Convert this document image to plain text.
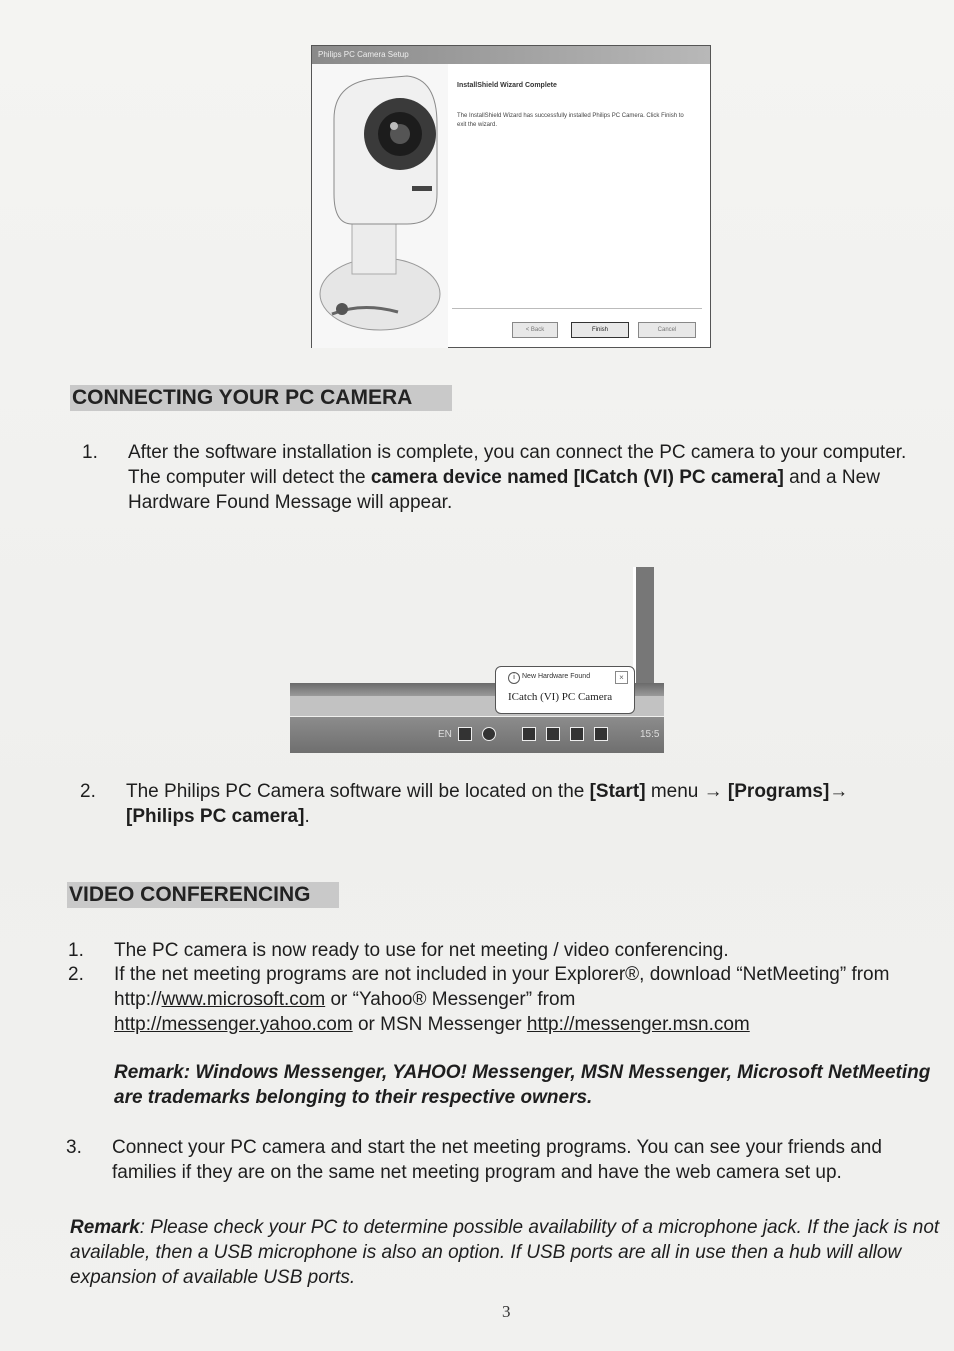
Philips PC Camera Setup
InstallShield Wizard Complete
The InstallShield Wizard has successfully installed Philips PC Camera. Click Finish to exit the wizard.
< Back	Finish	Cancel
CONNECTING YOUR PC CAMERA
1. After the software installation is complete, you can connect the PC camera to your computer. The computer will detect the camera device named [ICatch (VI) PC camera] and a New Hardware Found Message will appear.
EN	15:5
i	New Hardware Found	×
ICatch (VI) PC Camera
2. The Philips PC Camera software will be located on the [Start] menu → [Programs]→
[Philips PC camera].
VIDEO CONFERENCING
1. The PC camera is now ready to use for net meeting / video conferencing.
2. If the net meeting programs are not included in your Explorer®, download “NetMeeting” from http://www.microsoft.com or “Yahoo® Messenger” from
http://messenger.yahoo.com or MSN Messenger http://messenger.msn.com
Remark: Windows Messenger, YAHOO! Messenger, MSN Messenger, Microsoft NetMeeting are trademarks belonging to their respective owners.
3. Connect your PC camera and start the net meeting programs. You can see your friends and families if they are on the same net meeting program and have the web camera set up.
Remark: Please check your PC to determine possible availability of a microphone jack. If the jack is not available, then a USB microphone is also an option. If USB ports are all in use then a hub will allow expansion of available USB ports.
3
